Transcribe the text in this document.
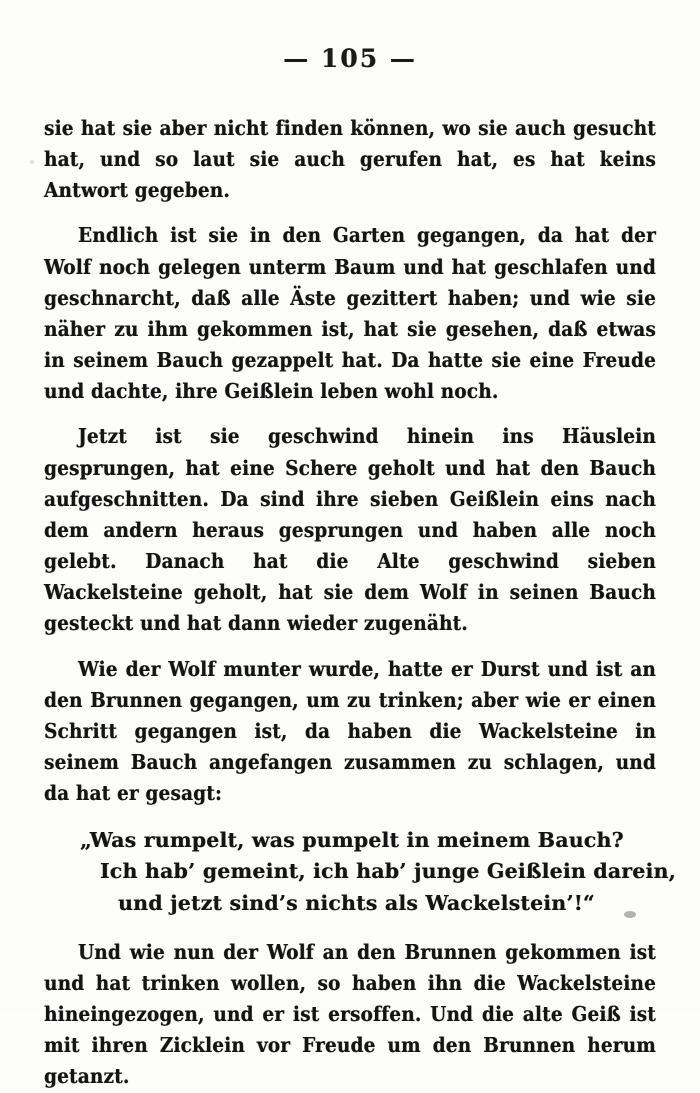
— 105 —

sie hat sie aber nicht finden können, wo sie auch gesucht hat, und so laut sie auch gerufen hat, es hat keins Antwort gegeben.

Endlich ist sie in den Garten gegangen, da hat der Wolf noch gelegen unterm Baum und hat geschlafen und geschnarcht, daß alle Äste gezittert haben; und wie sie näher zu ihm gekommen ist, hat sie gesehen, daß etwas in seinem Bauch gezappelt hat. Da hatte sie eine Freude und dachte, ihre Geißlein leben wohl noch.

Jetzt ist sie geschwind hinein ins Häuslein gesprungen, hat eine Schere geholt und hat den Bauch aufgeschnitten. Da sind ihre sieben Geißlein eins nach dem andern heraus gesprungen und haben alle noch gelebt. Danach hat die Alte geschwind sieben Wackelsteine geholt, hat sie dem Wolf in seinen Bauch gesteckt und hat dann wieder zugenäht.

Wie der Wolf munter wurde, hatte er Durst und ist an den Brunnen gegangen, um zu trinken; aber wie er einen Schritt gegangen ist, da haben die Wackelsteine in seinem Bauch angefangen zusammen zu schlagen, und da hat er gesagt:

„Was rumpelt, was pumpelt in meinem Bauch?
Ich hab’ gemeint, ich hab’ junge Geißlein darein,
und jetzt sind’s nichts als Wackelstein’!“

Und wie nun der Wolf an den Brunnen gekommen ist und hat trinken wollen, so haben ihn die Wackelsteine hineingezogen, und er ist ersoffen. Und die alte Geiß ist mit ihren Zicklein vor Freude um den Brunnen herum getanzt.
